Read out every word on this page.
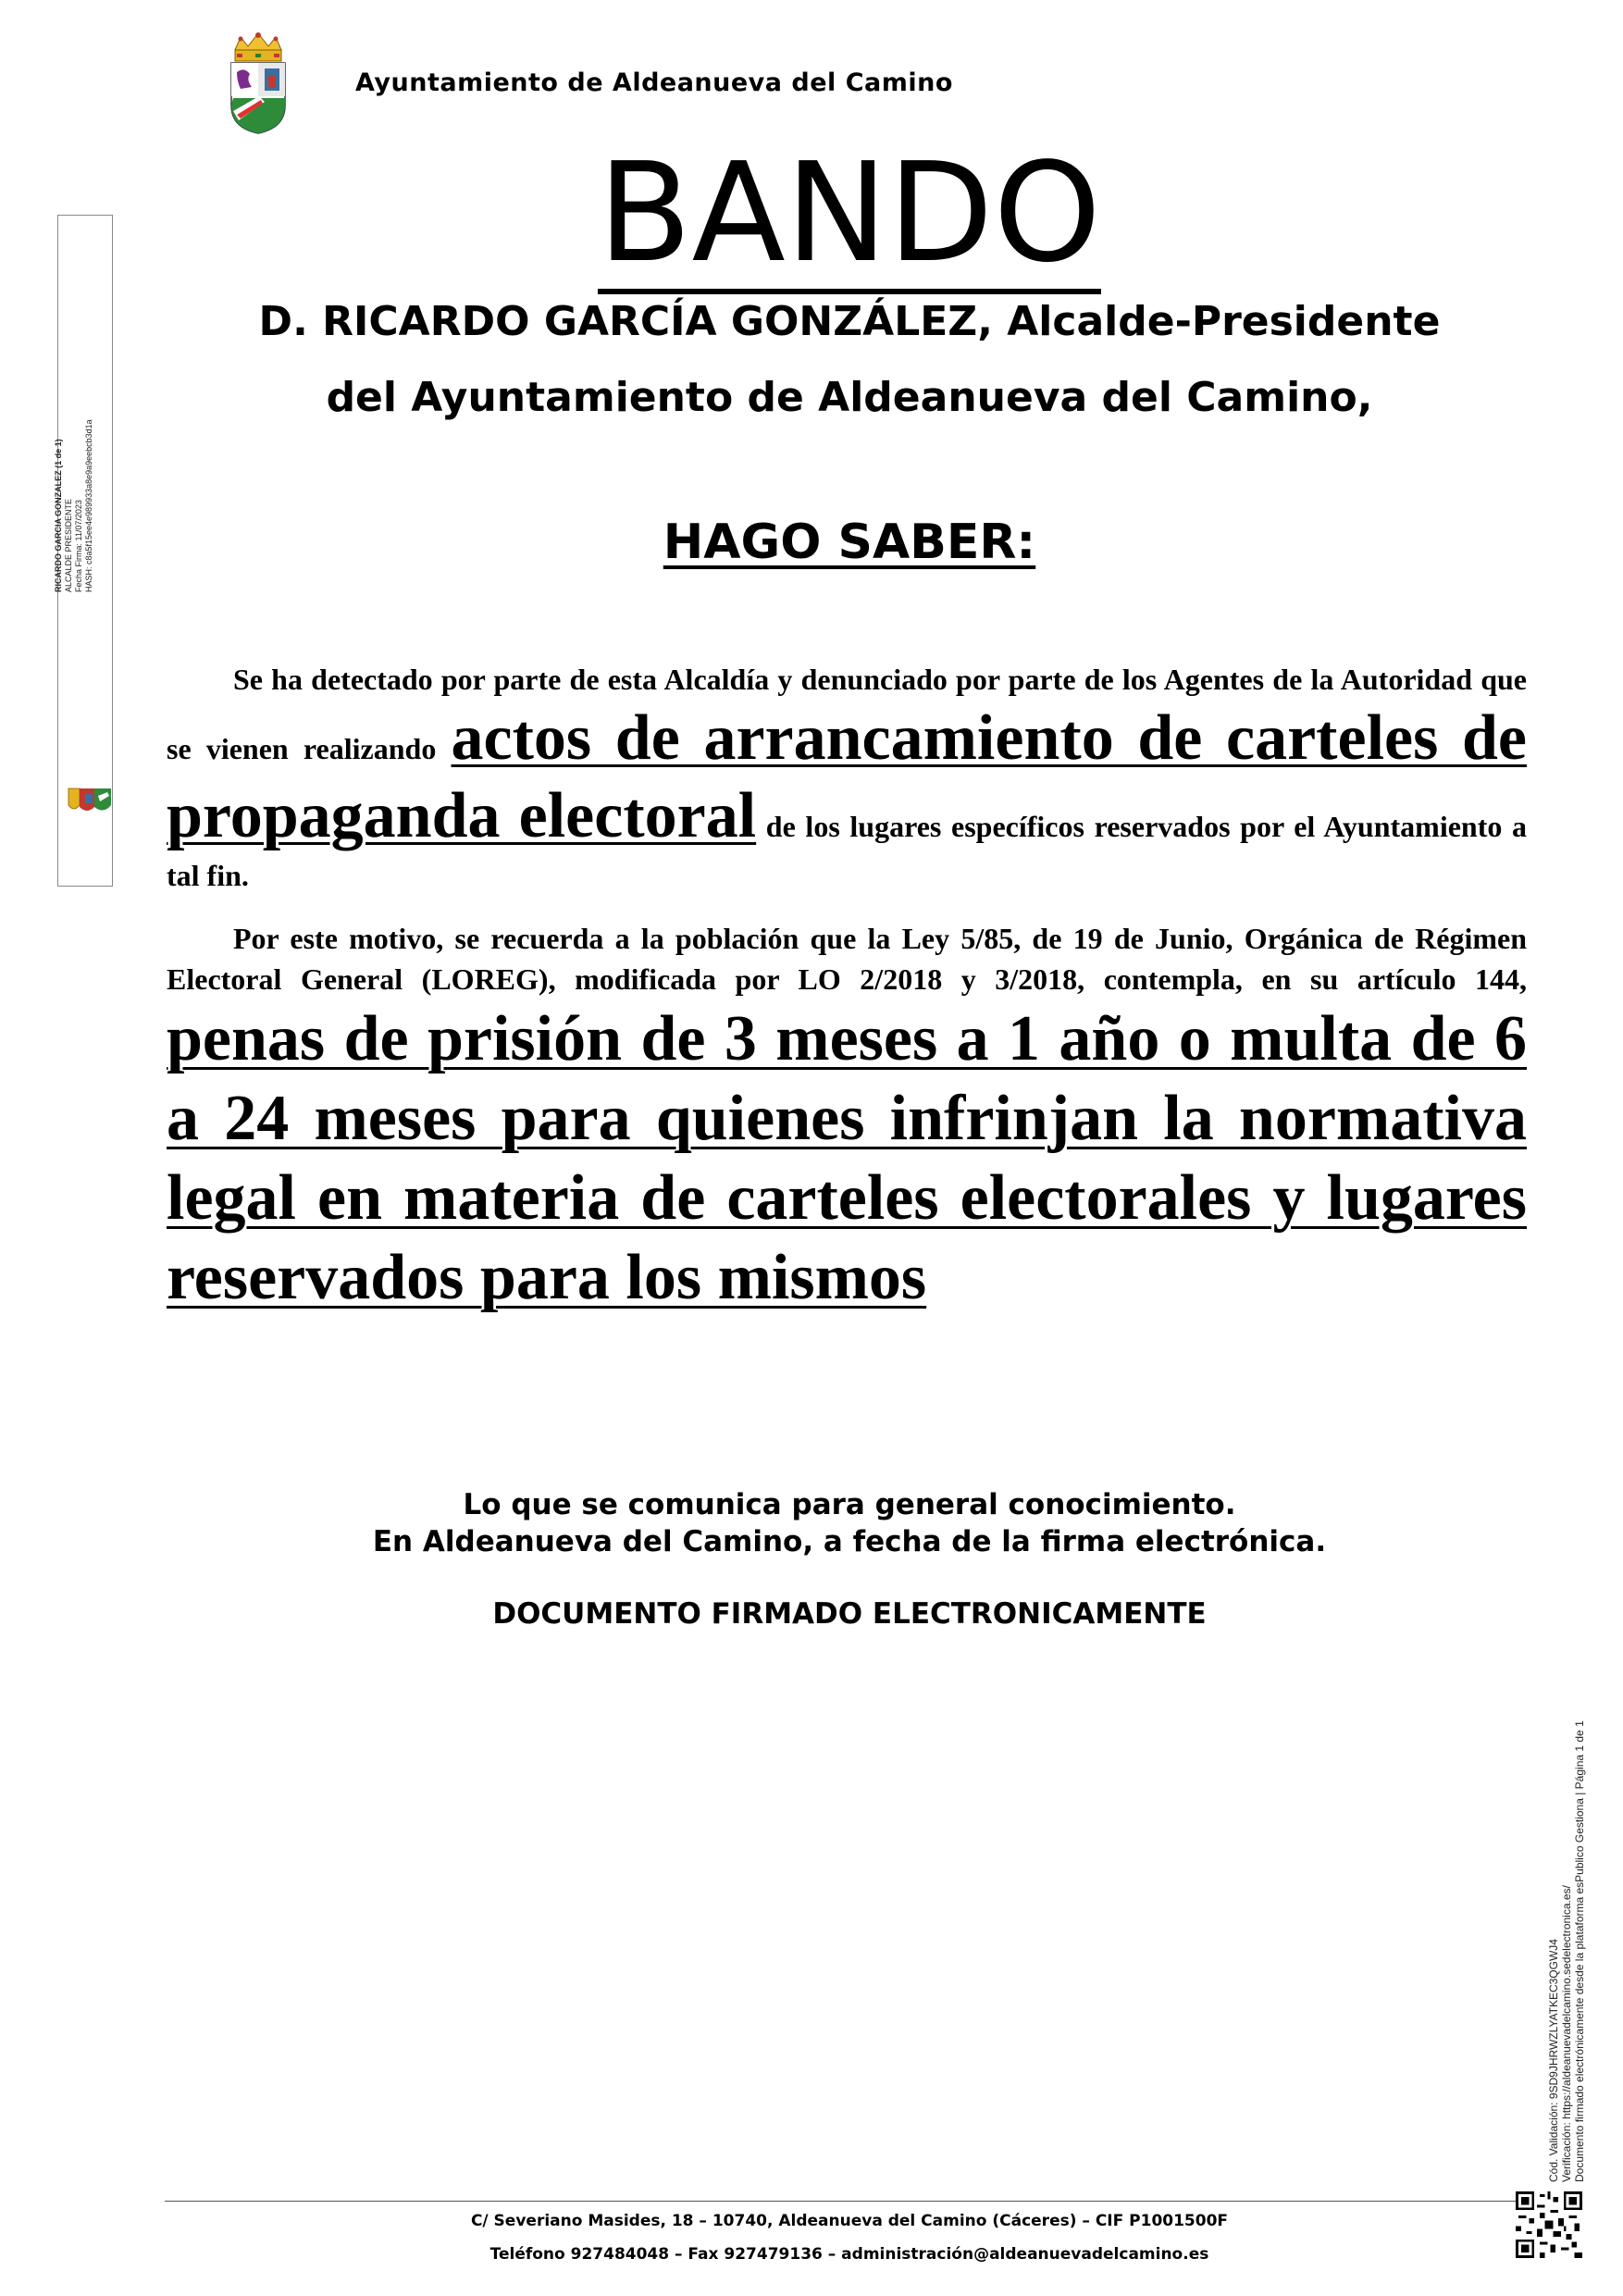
Ayuntamiento de Aldeanueva del Camino
BANDO
D. RICARDO GARCÍA GONZÁLEZ, Alcalde-Presidente
del Ayuntamiento de Aldeanueva del Camino,
HAGO SABER:

Se ha detectado por parte de esta Alcaldía y denunciado por parte de los Agentes de la Autoridad que se vienen realizando actos de arrancamiento de carteles de propaganda electoral de los lugares específicos reservados por el Ayuntamiento a tal fin.

Por este motivo, se recuerda a la población que la Ley 5/85, de 19 de Junio, Orgánica de Régimen Electoral General (LOREG), modificada por LO 2/2018 y 3/2018, contempla, en su artículo 144, penas de prisión de 3 meses a 1 año o multa de 6 a 24 meses para quienes infrinjan la normativa legal en materia de carteles electorales y lugares reservados para los mismos

Lo que se comunica para general conocimiento.
En Aldeanueva del Camino, a fecha de la firma electrónica.
DOCUMENTO FIRMADO ELECTRONICAMENTE
RICARDO GARCIA GONZALEZ (1 de 1) ALCALDE PRESIDENTE Fecha Firma: 11/07/2023 HASH: c8a5f15ee4e989933a8e9a9eebcb3d1a
Cód. Validación: 9SD9JHRWZLYATKEC3QGWJ4 Verificación: https://aldeanuevadelcamino.sedelectronica.es/ Documento firmado electrónicamente desde la plataforma esPublico Gestiona | Página 1 de 1
C/ Severiano Masides, 18 – 10740, Aldeanueva del Camino (Cáceres) – CIF P1001500F
Teléfono 927484048 – Fax 927479136 – administración@aldeanuevadelcamino.es
